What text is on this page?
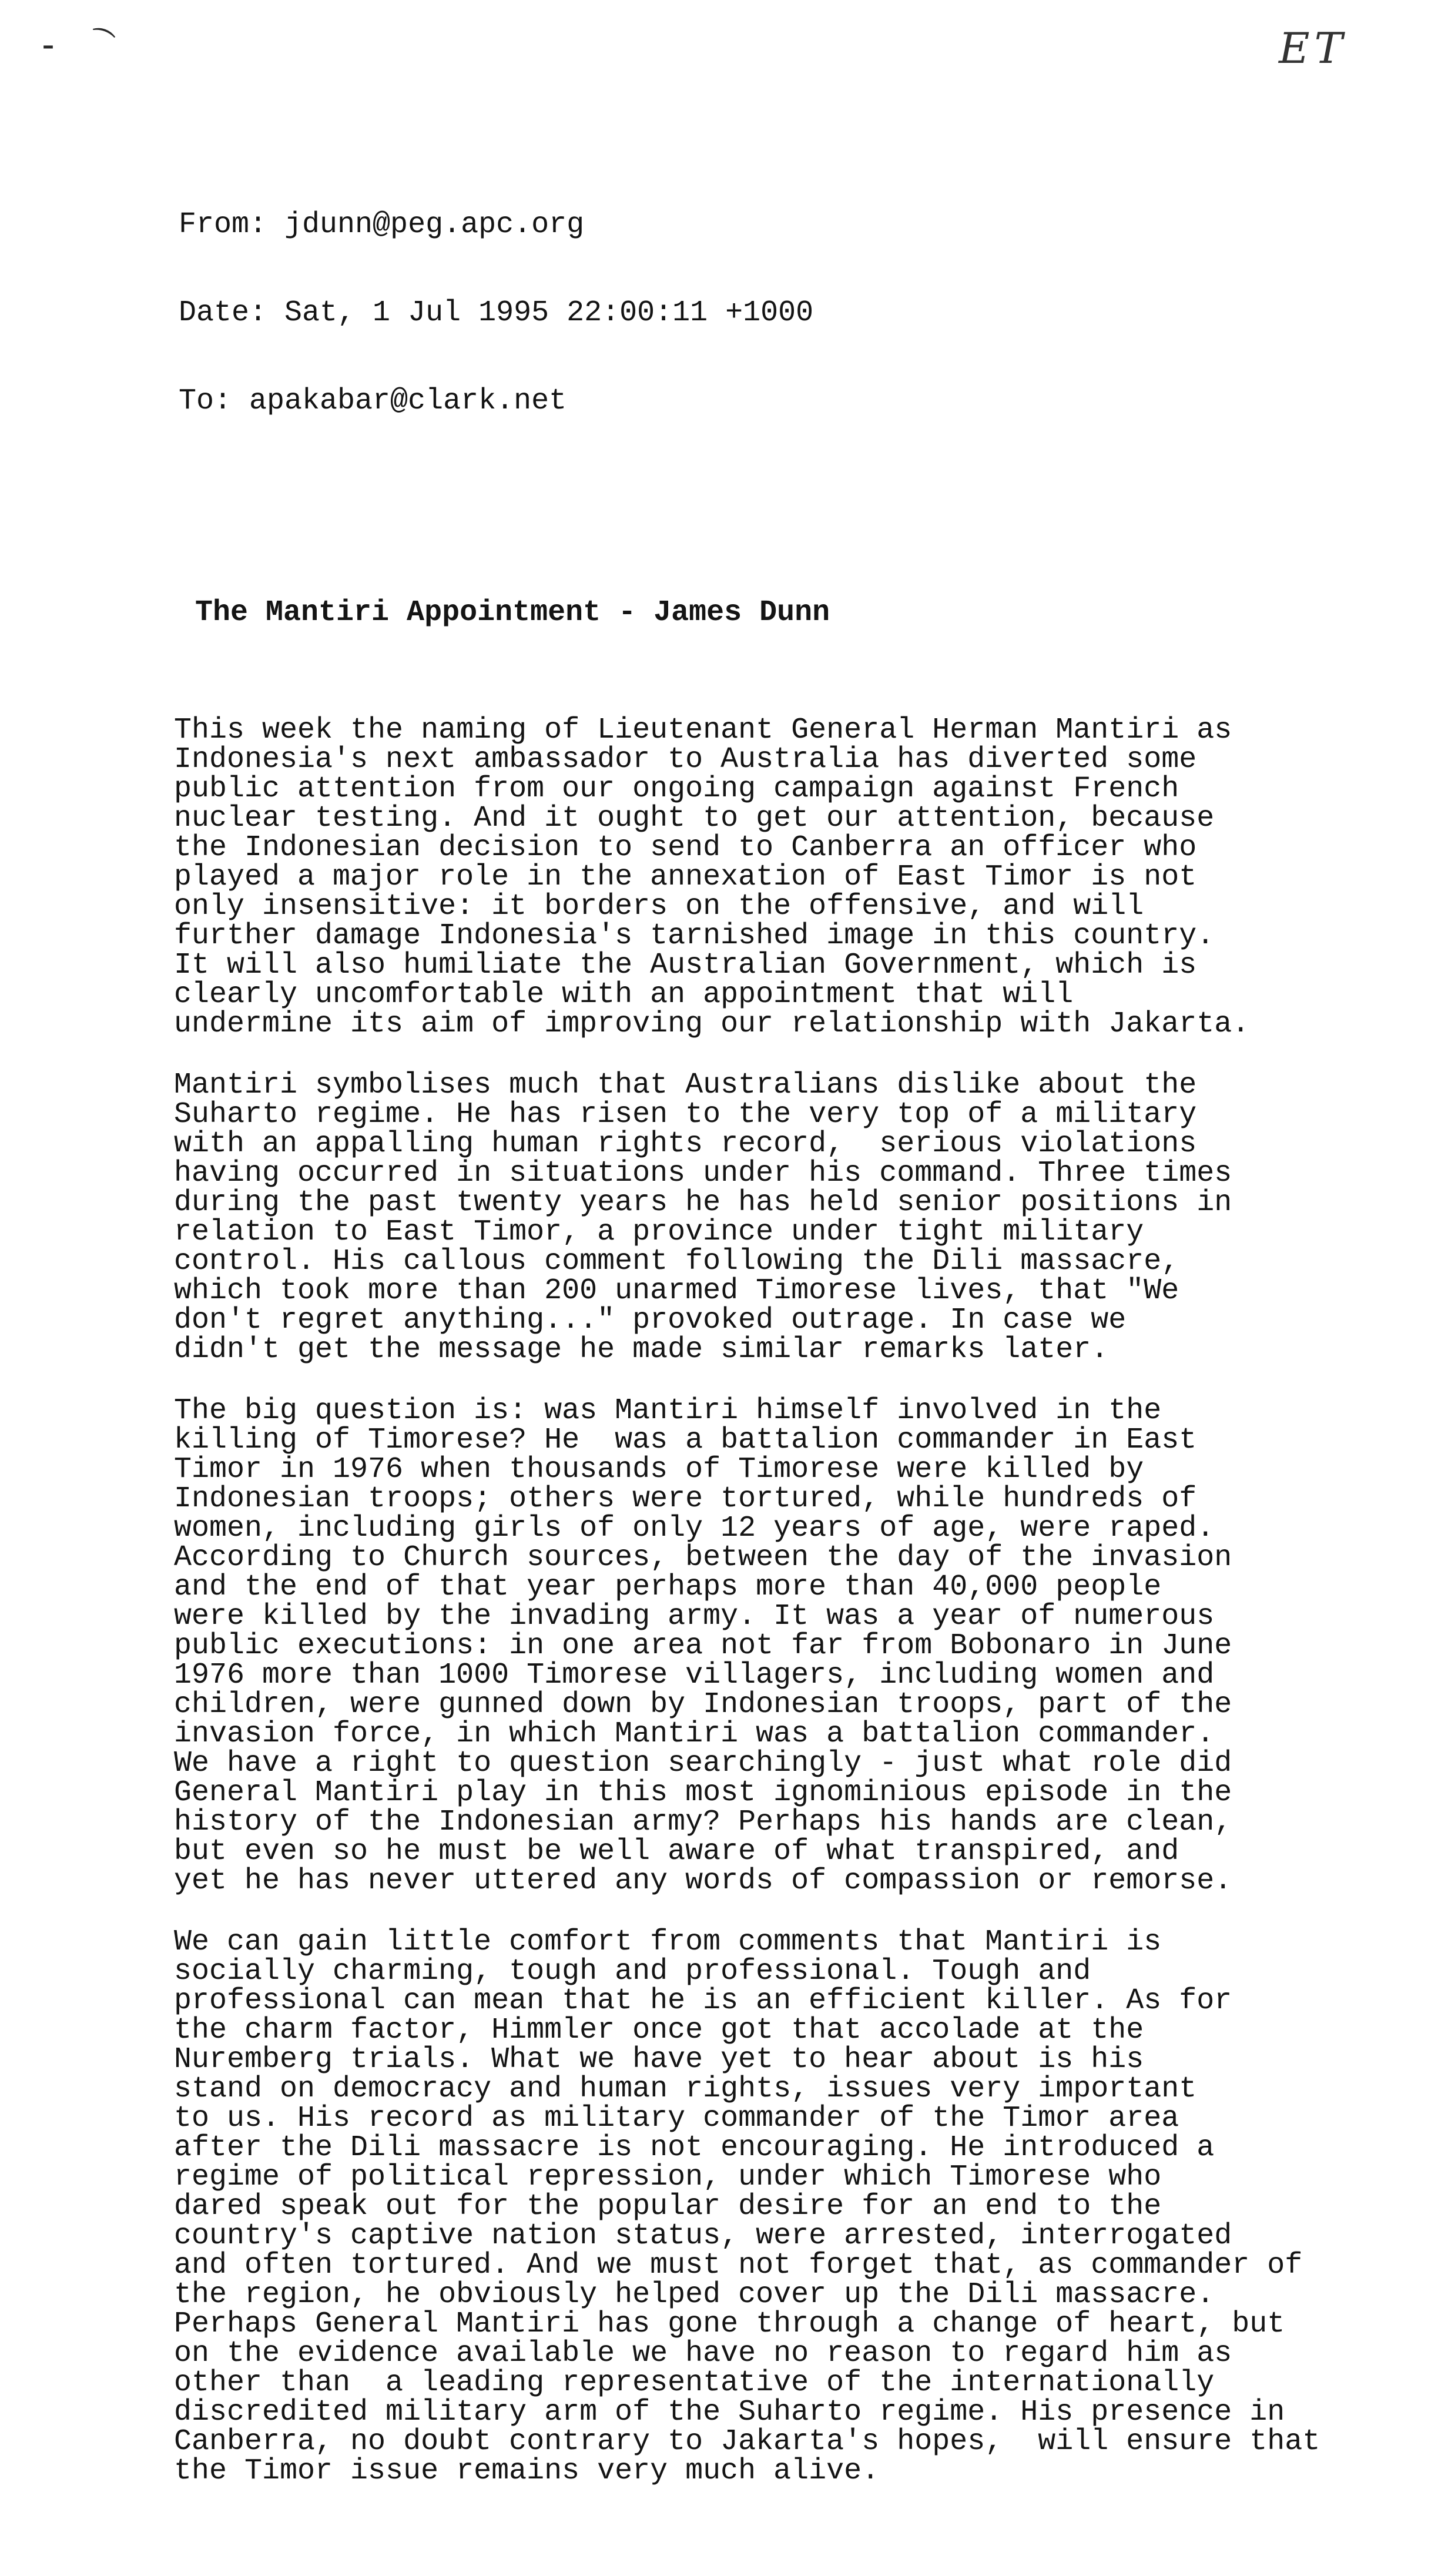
– ⌒	ET

From: jdunn@peg.apc.org

Date: Sat, 1 Jul 1995 22:00:11 +1000

To: apakabar@clark.net

The Mantiri Appointment - James Dunn

This week the naming of Lieutenant General Herman Mantiri as
Indonesia's next ambassador to Australia has diverted some
public attention from our ongoing campaign against French
nuclear testing. And it ought to get our attention, because
the Indonesian decision to send to Canberra an officer who
played a major role in the annexation of East Timor is not
only insensitive: it borders on the offensive, and will
further damage Indonesia's tarnished image in this country.
It will also humiliate the Australian Government, which is
clearly uncomfortable with an appointment that will
undermine its aim of improving our relationship with Jakarta.
Mantiri symbolises much that Australians dislike about the
Suharto regime. He has risen to the very top of a military
with an appalling human rights record,  serious violations
having occurred in situations under his command. Three times
during the past twenty years he has held senior positions in
relation to East Timor, a province under tight military
control. His callous comment following the Dili massacre,
which took more than 200 unarmed Timorese lives, that "We
don't regret anything..." provoked outrage. In case we
didn't get the message he made similar remarks later.
The big question is: was Mantiri himself involved in the
killing of Timorese? He  was a battalion commander in East
Timor in 1976 when thousands of Timorese were killed by
Indonesian troops; others were tortured, while hundreds of
women, including girls of only 12 years of age, were raped.
According to Church sources, between the day of the invasion
and the end of that year perhaps more than 40,000 people
were killed by the invading army. It was a year of numerous
public executions: in one area not far from Bobonaro in June
1976 more than 1000 Timorese villagers, including women and
children, were gunned down by Indonesian troops, part of the
invasion force, in which Mantiri was a battalion commander.
We have a right to question searchingly - just what role did
General Mantiri play in this most ignominious episode in the
history of the Indonesian army? Perhaps his hands are clean,
but even so he must be well aware of what transpired, and
yet he has never uttered any words of compassion or remorse.
We can gain little comfort from comments that Mantiri is
socially charming, tough and professional. Tough and
professional can mean that he is an efficient killer. As for
the charm factor, Himmler once got that accolade at the
Nuremberg trials. What we have yet to hear about is his
stand on democracy and human rights, issues very important
to us. His record as military commander of the Timor area
after the Dili massacre is not encouraging. He introduced a
regime of political repression, under which Timorese who
dared speak out for the popular desire for an end to the
country's captive nation status, were arrested, interrogated
and often tortured. And we must not forget that, as commander of
the region, he obviously helped cover up the Dili massacre.
Perhaps General Mantiri has gone through a change of heart, but
on the evidence available we have no reason to regard him as
other than  a leading representative of the internationally
discredited military arm of the Suharto regime. His presence in
Canberra, no doubt contrary to Jakarta's hopes,  will ensure that
the Timor issue remains very much alive.
